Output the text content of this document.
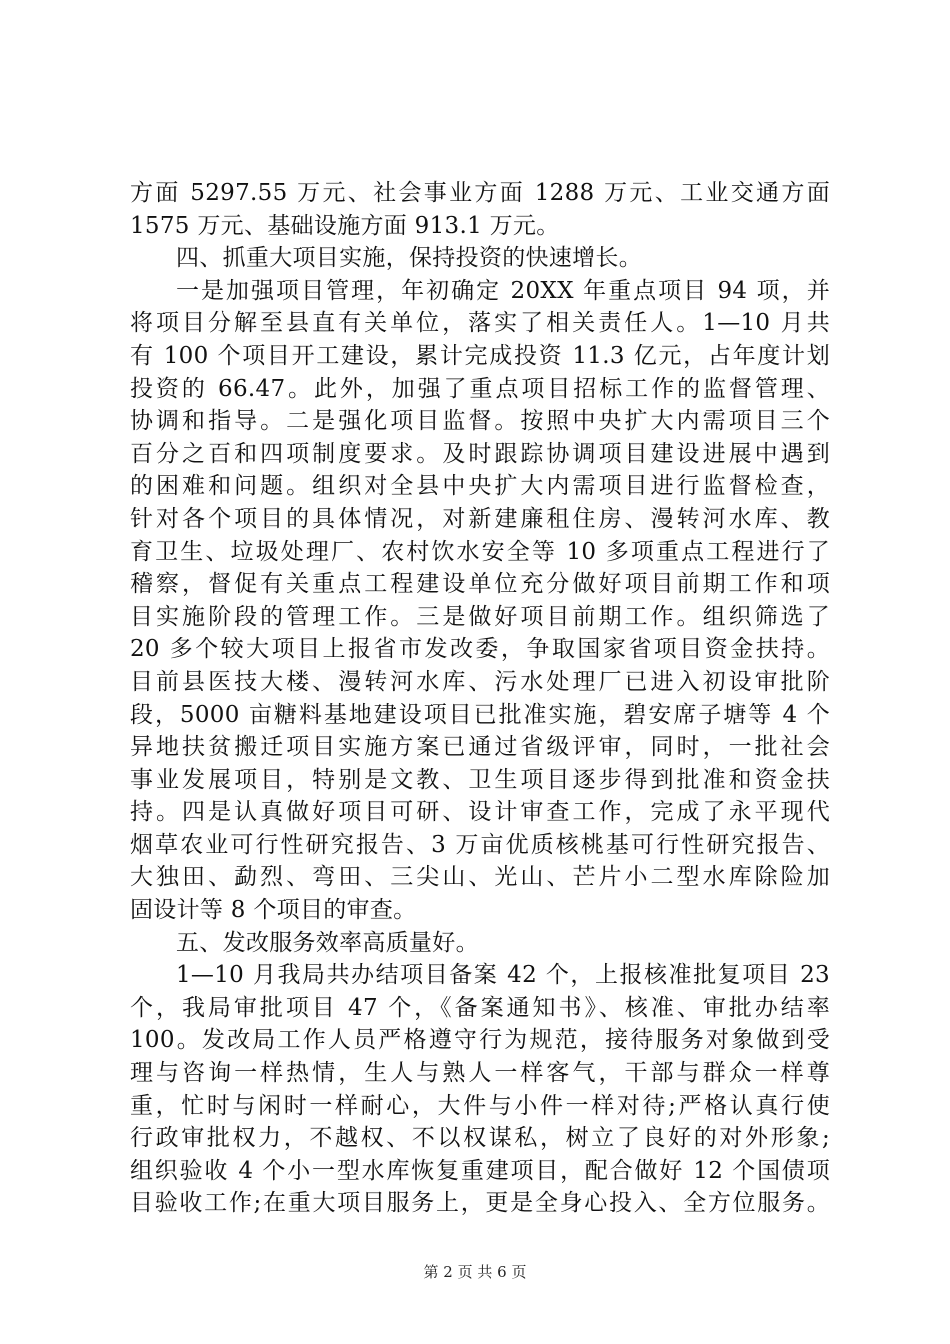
方面 5297.55 万元、社会事业方面 1288 万元、工业交通方面
1575 万元、基础设施方面 913.1 万元。
四、抓重大项目实施，保持投资的快速增长。
一是加强项目管理，年初确定 20XX 年重点项目 94 项，并
将项目分解至县直有关单位，落实了相关责任人。1—10 月共
有 100 个项目开工建设，累计完成投资 11.3 亿元，占年度计划
投资的 66.47。此外，加强了重点项目招标工作的监督管理、
协调和指导。二是强化项目监督。按照中央扩大内需项目三个
百分之百和四项制度要求。及时跟踪协调项目建设进展中遇到
的困难和问题。组织对全县中央扩大内需项目进行监督检查，
针对各个项目的具体情况，对新建廉租住房、漫转河水库、教
育卫生、垃圾处理厂、农村饮水安全等 10 多项重点工程进行了
稽察，督促有关重点工程建设单位充分做好项目前期工作和项
目实施阶段的管理工作。三是做好项目前期工作。组织筛选了
20 多个较大项目上报省市发改委，争取国家省项目资金扶持。
目前县医技大楼、漫转河水库、污水处理厂已进入初设审批阶
段，5000 亩糖料基地建设项目已批准实施，碧安席子塘等 4 个
异地扶贫搬迁项目实施方案已通过省级评审，同时，一批社会
事业发展项目，特别是文教、卫生项目逐步得到批准和资金扶
持。四是认真做好项目可研、设计审查工作，完成了永平现代
烟草农业可行性研究报告、3 万亩优质核桃基可行性研究报告、
大独田、勐烈、弯田、三尖山、光山、芒片小二型水库除险加
固设计等 8 个项目的审查。
五、发改服务效率高质量好。
1—10 月我局共办结项目备案 42 个，上报核准批复项目 23
个，我局审批项目 47 个，《备案通知书》、核准、审批办结率
100。发改局工作人员严格遵守行为规范，接待服务对象做到受
理与咨询一样热情，生人与熟人一样客气，干部与群众一样尊
重，忙时与闲时一样耐心，大件与小件一样对待;严格认真行使
行政审批权力，不越权、不以权谋私，树立了良好的对外形象;
组织验收 4 个小一型水库恢复重建项目，配合做好 12 个国债项
目验收工作;在重大项目服务上，更是全身心投入、全方位服务。
第 2 页 共 6 页
